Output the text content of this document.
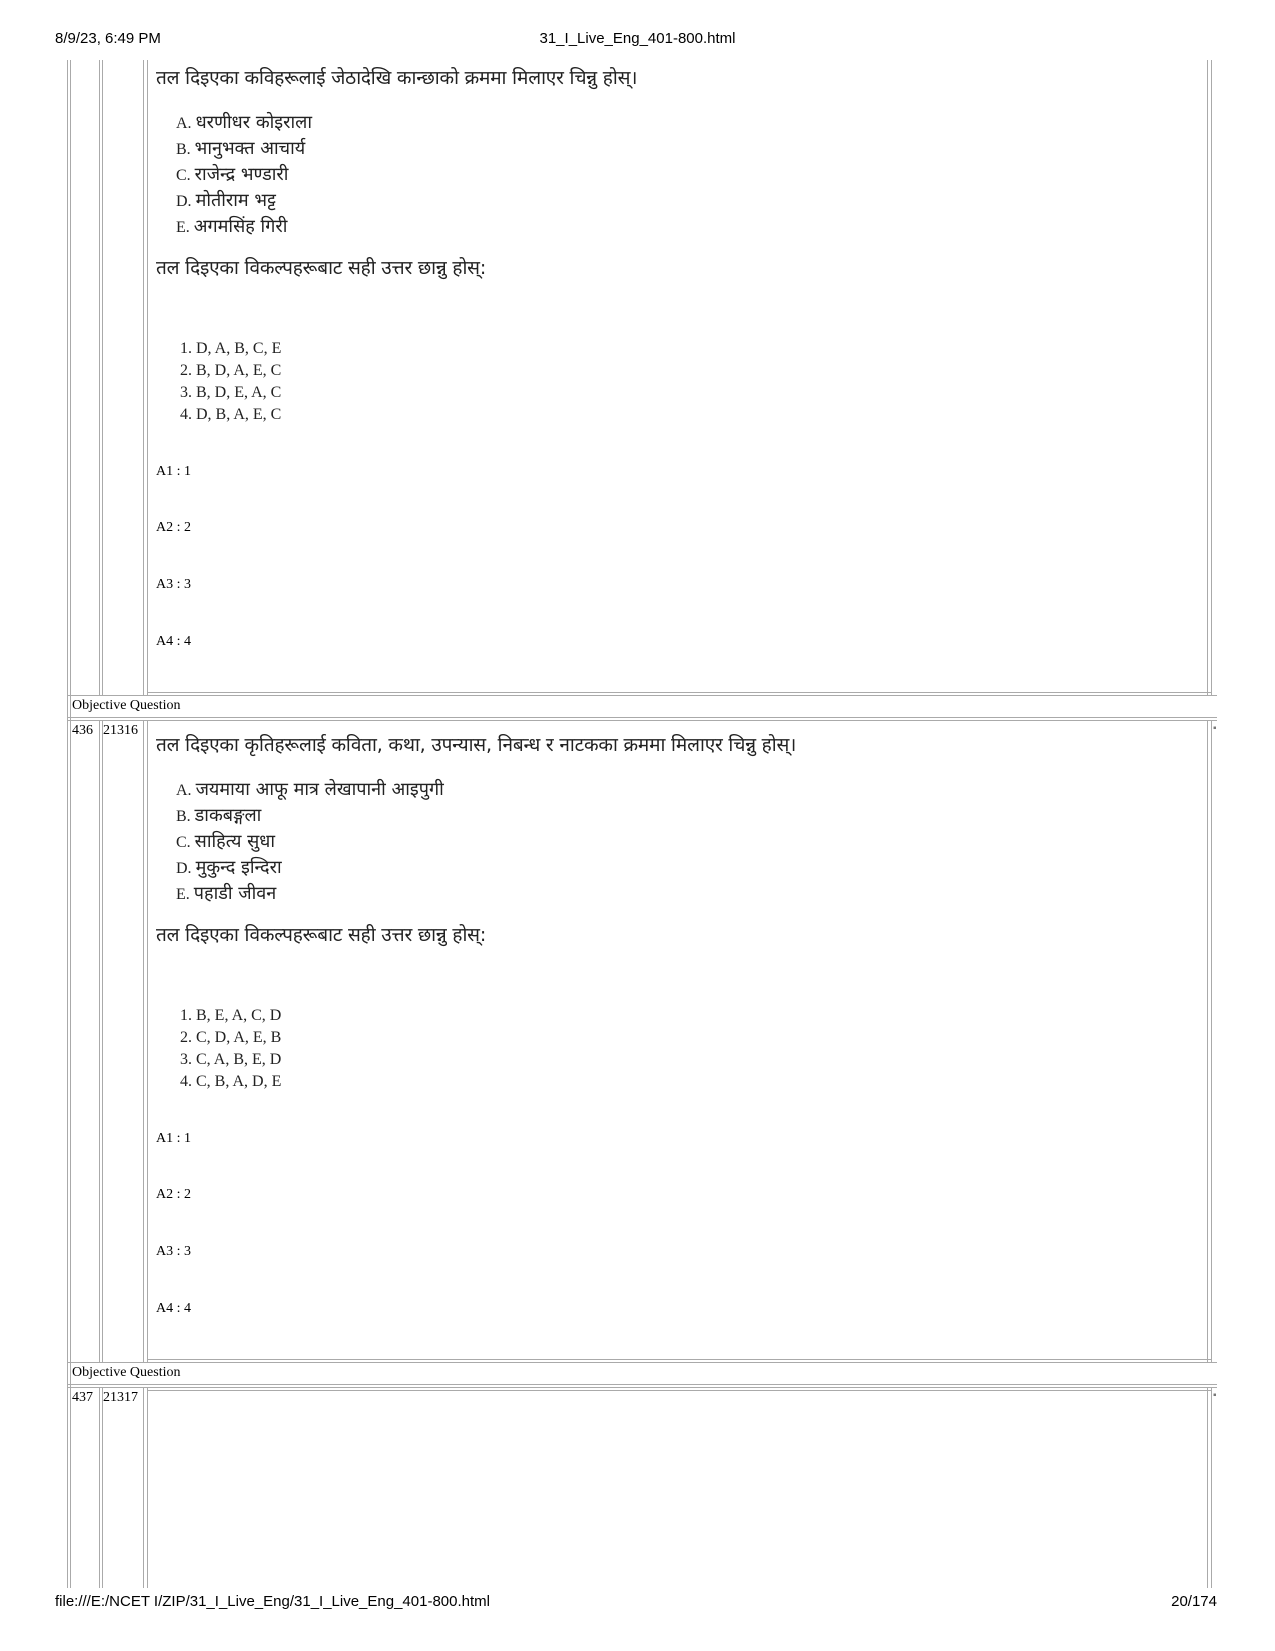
8/9/23, 6:49 PM	31_I_Live_Eng_401-800.html
file:///E:/NCET I/ZIP/31_I_Live_Eng/31_I_Live_Eng_401-800.html	20/174
तल दिइएका कविहरूलाई जेठादेखि कान्छाको क्रममा मिलाएर चिन्नु होस्।
A. धरणीधर कोइराला
B. भानुभक्त आचार्य
C. राजेन्द्र भण्डारी
D. मोतीराम भट्ट
E. अगमसिंह गिरी
तल दिइएका विकल्पहरूबाट सही उत्तर छान्नु होस्:
1. D, A, B, C, E
2. B, D, A, E, C
3. B, D, E, A, C
4. D, B, A, E, C
A1 : 1
A2 : 2
A3 : 3
A4 : 4
Objective Question
436 21316	▪
तल दिइएका कृतिहरूलाई कविता, कथा, उपन्यास, निबन्ध र नाटकका क्रममा मिलाएर चिन्नु होस्।
A. जयमाया आफू मात्र लेखापानी आइपुगी
B. डाकबङ्गला
C. साहित्य सुधा
D. मुकुन्द इन्दिरा
E. पहाडी जीवन
तल दिइएका विकल्पहरूबाट सही उत्तर छान्नु होस्:
1. B, E, A, C, D
2. C, D, A, E, B
3. C, A, B, E, D
4. C, B, A, D, E
A1 : 1
A2 : 2
A3 : 3
A4 : 4
Objective Question
437 21317	▪
